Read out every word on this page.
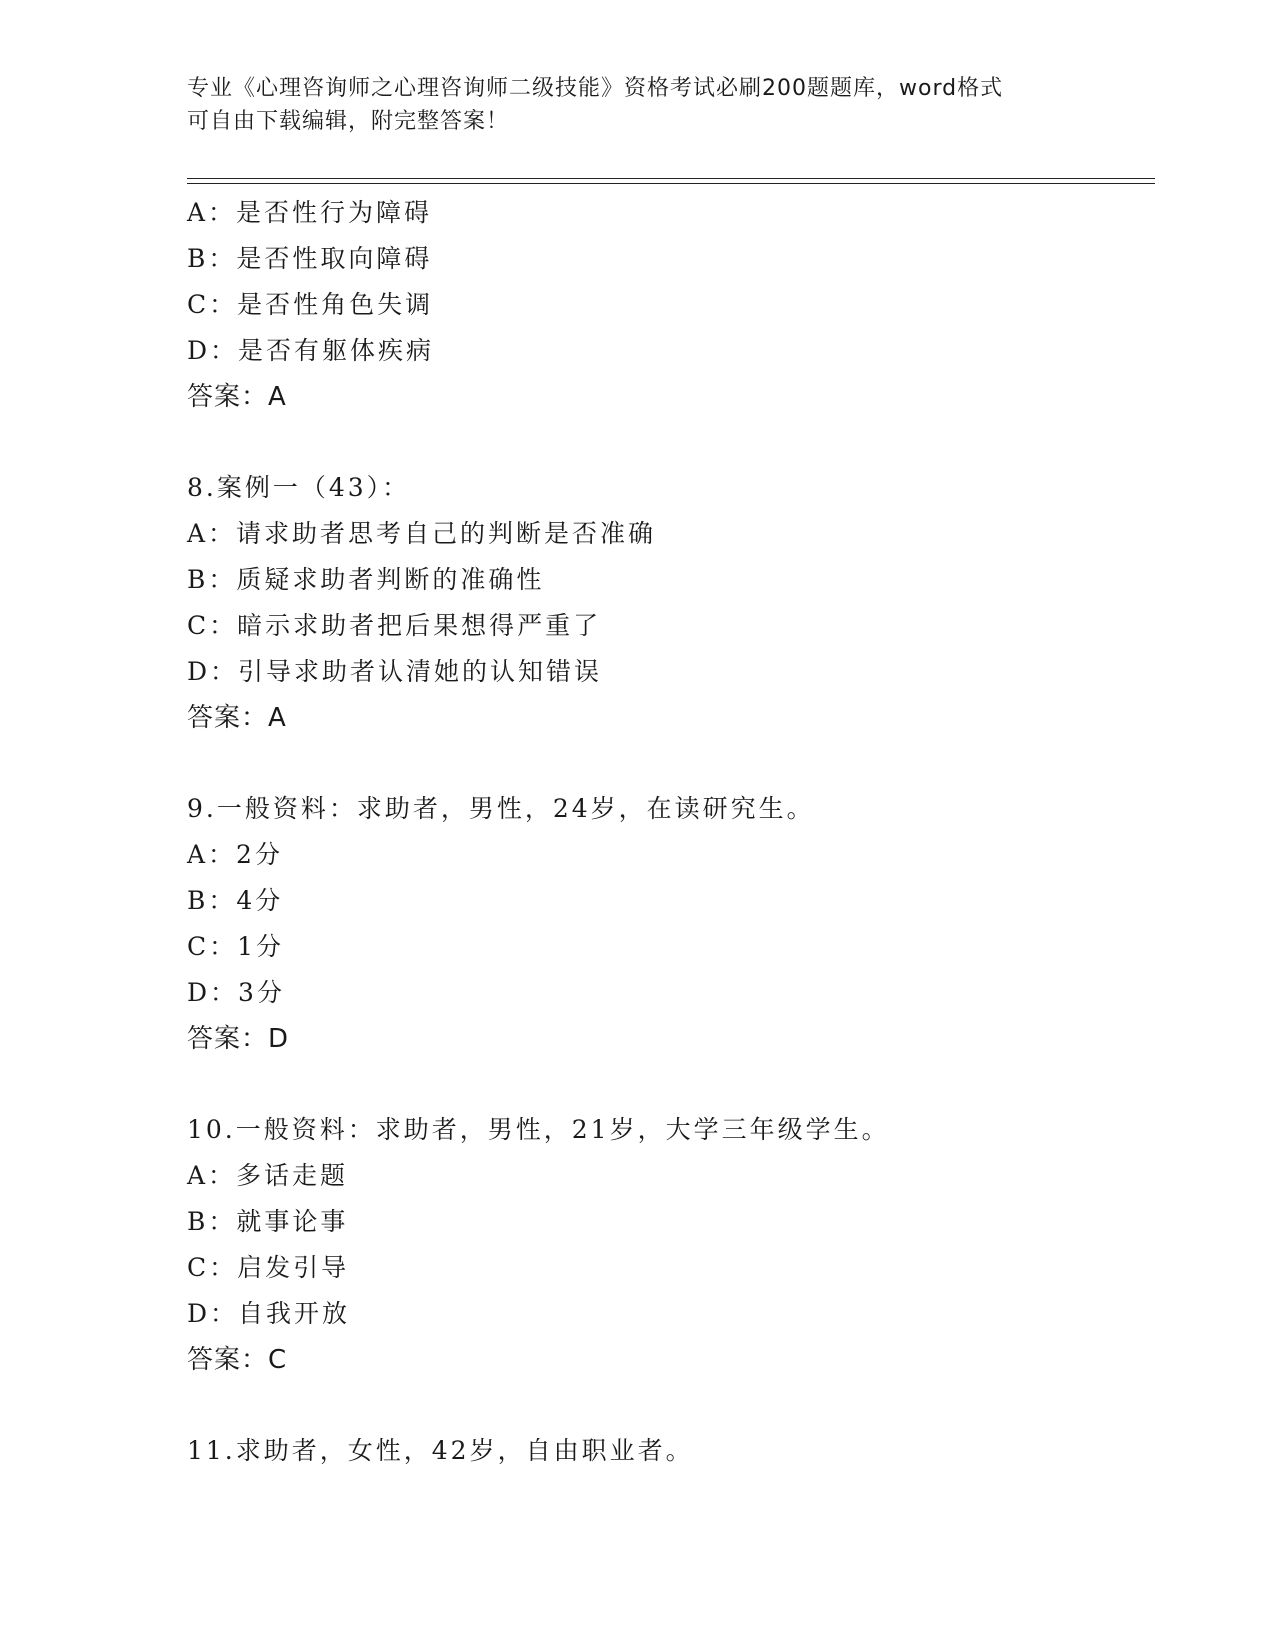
专业《心理咨询师之心理咨询师二级技能》资格考试必刷200题题库，word格式
可自由下载编辑，附完整答案！
A：是否性行为障碍
B：是否性取向障碍
C：是否性角色失调
D：是否有躯体疾病
答案：A
8.案例一（43）：
A：请求助者思考自己的判断是否准确
B：质疑求助者判断的准确性
C：暗示求助者把后果想得严重了
D：引导求助者认清她的认知错误
答案：A
9.一般资料：求助者，男性，24岁，在读研究生。
A：2分
B：4分
C：1分
D：3分
答案：D
10.一般资料：求助者，男性，21岁，大学三年级学生。
A：多话走题
B：就事论事
C：启发引导
D：自我开放
答案：C
11.求助者，女性，42岁，自由职业者。
